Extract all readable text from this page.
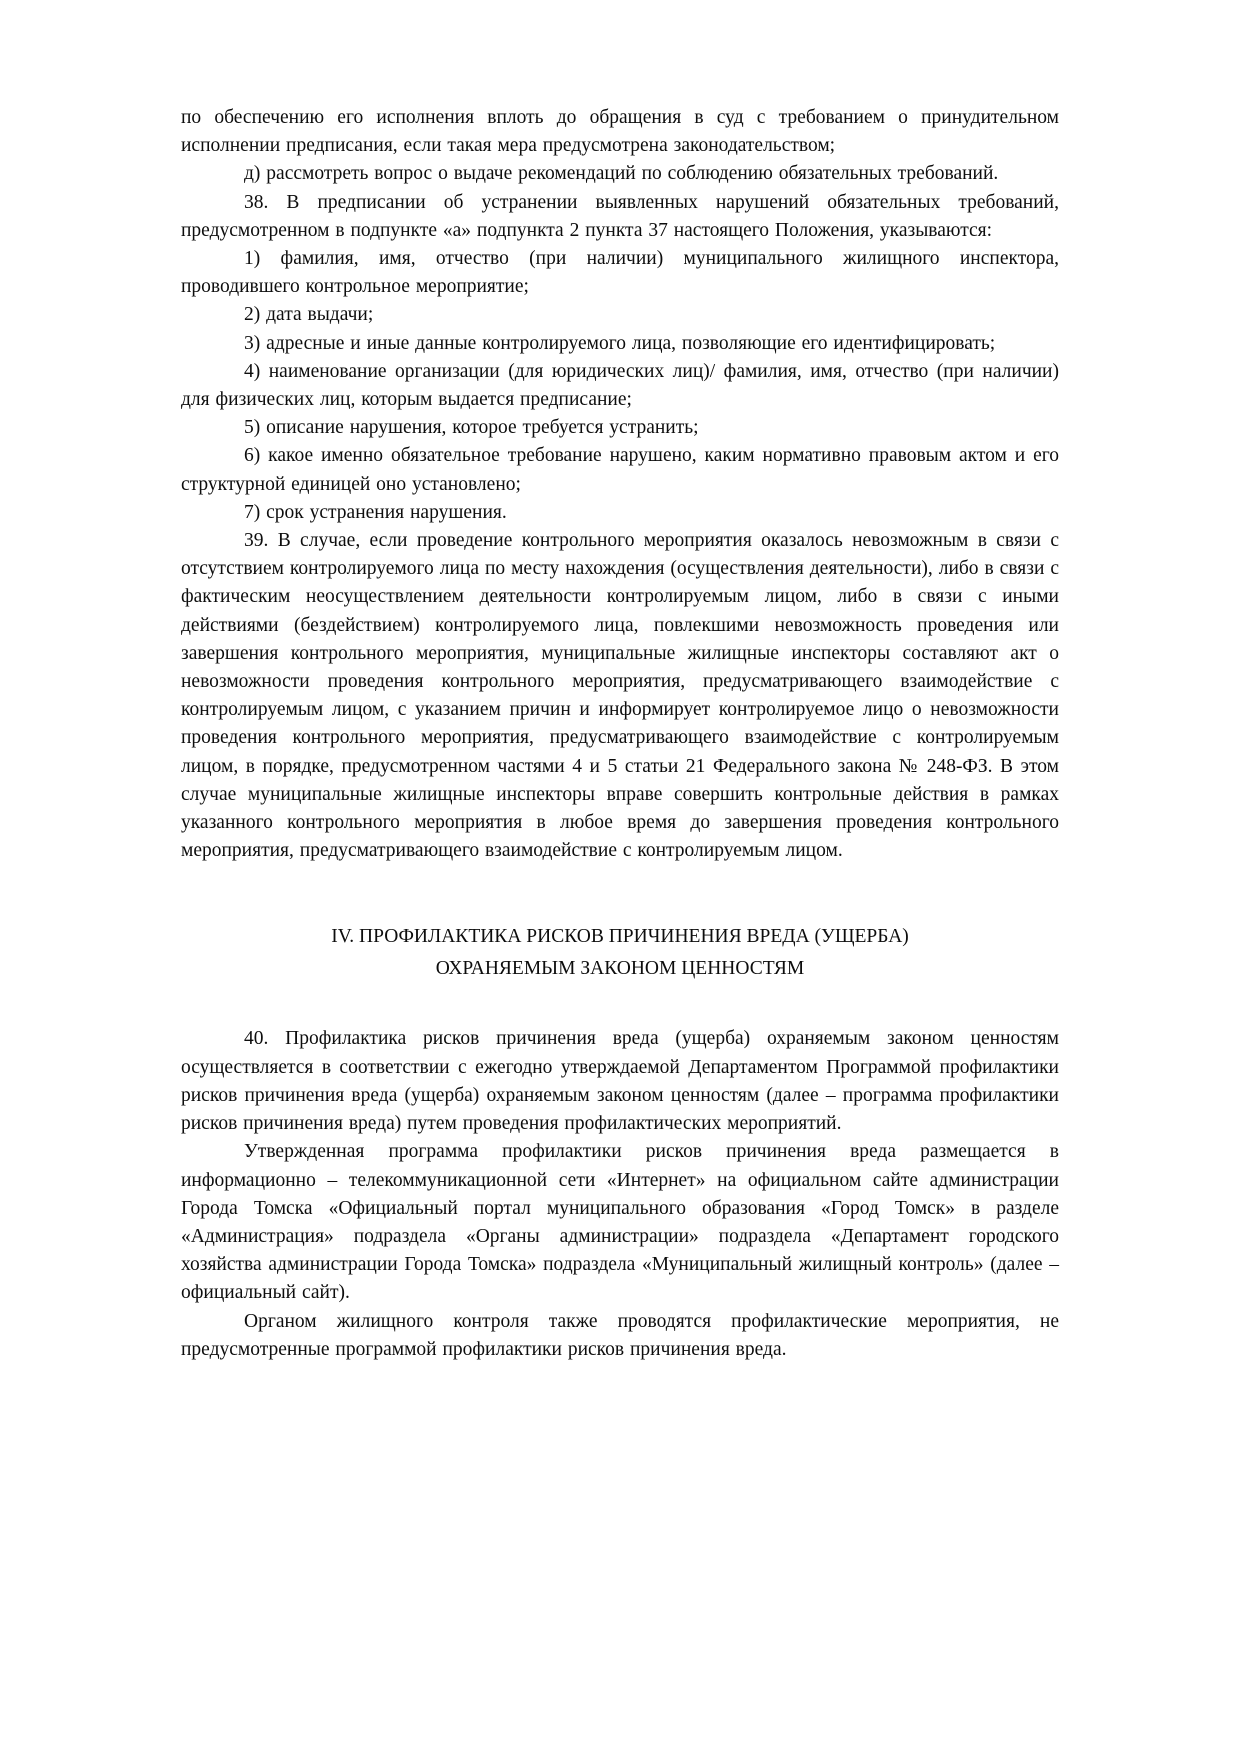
по обеспечению его исполнения вплоть до обращения в суд с требованием о принудительном исполнении предписания, если такая мера предусмотрена законодательством;

д) рассмотреть вопрос о выдаче рекомендаций по соблюдению обязательных требований.

38. В предписании об устранении выявленных нарушений обязательных требований, предусмотренном в подпункте «а» подпункта 2 пункта 37 настоящего Положения, указываются:

1) фамилия, имя, отчество (при наличии) муниципального жилищного инспектора, проводившего контрольное мероприятие;

2) дата выдачи;

3) адресные и иные данные контролируемого лица, позволяющие его идентифицировать;

4) наименование организации (для юридических лиц)/ фамилия, имя, отчество (при наличии) для физических лиц, которым выдается предписание;

5) описание нарушения, которое требуется устранить;

6) какое именно обязательное требование нарушено, каким нормативно правовым актом и его структурной единицей оно установлено;

7) срок устранения нарушения.

39. В случае, если проведение контрольного мероприятия оказалось невозможным в связи с отсутствием контролируемого лица по месту нахождения (осуществления деятельности), либо в связи с фактическим неосуществлением деятельности контролируемым лицом, либо в связи с иными действиями (бездействием) контролируемого лица, повлекшими невозможность проведения или завершения контрольного мероприятия, муниципальные жилищные инспекторы составляют акт о невозможности проведения контрольного мероприятия, предусматривающего взаимодействие с контролируемым лицом, с указанием причин и информирует контролируемое лицо о невозможности проведения контрольного мероприятия, предусматривающего взаимодействие с контролируемым лицом, в порядке, предусмотренном частями 4 и 5 статьи 21 Федерального закона № 248-ФЗ. В этом случае муниципальные жилищные инспекторы вправе совершить контрольные действия в рамках указанного контрольного мероприятия в любое время до завершения проведения контрольного мероприятия, предусматривающего взаимодействие с контролируемым лицом.

IV. ПРОФИЛАКТИКА РИСКОВ ПРИЧИНЕНИЯ ВРЕДА (УЩЕРБА)
ОХРАНЯЕМЫМ ЗАКОНОМ ЦЕННОСТЯМ

40. Профилактика рисков причинения вреда (ущерба) охраняемым законом ценностям осуществляется в соответствии с ежегодно утверждаемой Департаментом Программой профилактики рисков причинения вреда (ущерба) охраняемым законом ценностям (далее – программа профилактики рисков причинения вреда) путем проведения профилактических мероприятий.

Утвержденная программа профилактики рисков причинения вреда размещается в информационно – телекоммуникационной сети «Интернет» на официальном сайте администрации Города Томска «Официальный портал муниципального образования «Город Томск» в разделе «Администрация» подраздела «Органы администрации» подраздела «Департамент городского хозяйства администрации Города Томска» подраздела «Муниципальный жилищный контроль» (далее – официальный сайт).

Органом жилищного контроля также проводятся профилактические мероприятия, не предусмотренные программой профилактики рисков причинения вреда.
